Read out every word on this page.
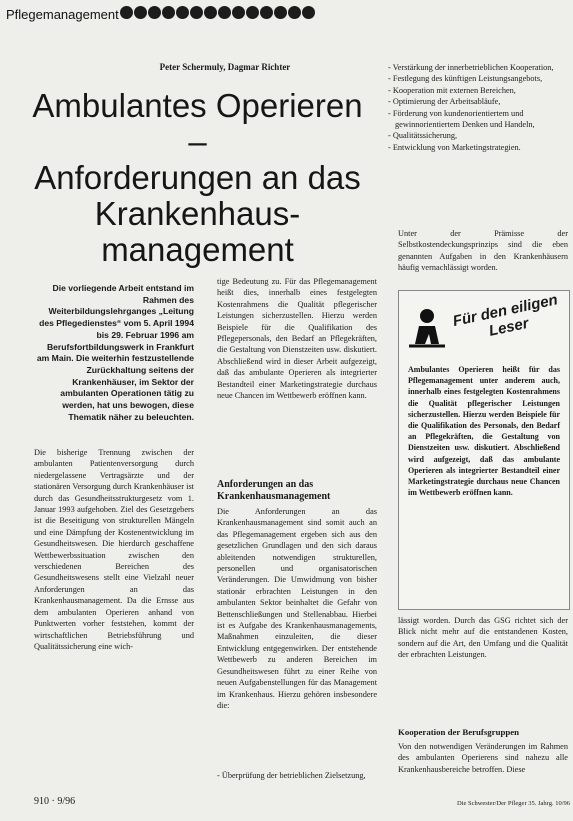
Pflegemanagement
Peter Schermuly, Dagmar Richter
Ambulantes Operieren –
Anforderungen an das
Krankenhaus-
management

Die vorliegende Arbeit entstand im Rahmen des Weiterbildungslehrganges „Leitung des Pflegedienstes“ vom 5. April 1994 bis 29. Februar 1996 am Berufsfortbildungswerk in Frankfurt am Main. Die weiterhin festzustellende Zurückhaltung seitens der Krankenhäuser, im Sektor der ambulanten Operationen tätig zu werden, hat uns bewogen, diese Thematik näher zu beleuchten.

Die bisherige Trennung zwischen der ambulanten Patientenversorgung durch niedergelassene Vertragsärzte und der stationären Versorgung durch Krankenhäuser ist durch das Gesundheitsstrukturgesetz vom 1. Januar 1993 aufgehoben. Ziel des Gesetzgebers ist die Beseitigung von strukturellen Mängeln und eine Dämpfung der Kostenentwicklung im Gesundheitswesen. Die hierdurch geschaffene Wettbewerbssituation zwischen den verschiedenen Bereichen des Gesundheitswesens stellt eine Vielzahl neuer Anforderungen an das Krankenhausmanagement. Da die Ernsse aus dem ambulanten Operieren anhand von Punktwerten vorher feststehen, kommt der wirtschaftlichen Betriebsführung und Qualitätssicherung eine wich-

tige Bedeutung zu. Für das Pflegemanagement heißt dies, innerhalb eines festgelegten Kostenrahmens die Qualität pflegerischer Leistungen sicherzustellen. Hierzu werden Beispiele für die Qualifikation des Pflegepersonals, den Bedarf an Pflegekräften, die Gestaltung von Dienstzeiten usw. diskutiert. Abschließend wird in dieser Arbeit aufgezeigt, daß das ambulante Operieren als integrierter Bestandteil einer Marketingstrategie durchaus neue Chancen im Wettbewerb eröffnen kann.

Anforderungen an das Krankenhausmanagement

Die Anforderungen an das Krankenhausmanagement sind somit auch an das Pflegemanagement ergeben sich aus den gesetzlichen Grundlagen und den sich daraus ableitenden notwendigen strukturellen, personellen und organisatorischen Veränderungen. Die Umwidmung von bisher stationär erbrachten Leistungen in den ambulanten Sektor beinhaltet die Gefahr von Bettenschließungen und Stellenabbau. Hierbei ist es Aufgabe des Krankenhausmanagements, Maßnahmen einzuleiten, die dieser Entwicklung entgegenwirken. Der entstehende Wettbewerb zu anderen Bereichen im Gesundheitswesen führt zu einer Reihe von neuen Aufgabenstellungen für das Management im Krankenhaus. Hierzu gehören insbesondere die:

- Überprüfung der betrieblichen Zielsetzung,
- Verstärkung der innerbetrieblichen Kooperation,
- Festlegung des künftigen Leistungsangebots,
- Kooperation mit externen Bereichen,
- Optimierung der Arbeitsabläufe,
- Förderung von kundenorientiertem und gewinnorientiertem Denken und Handeln,
- Qualitätssicherung,
- Entwicklung von Marketingstrategien.

Unter der Prämisse der Selbstkostendeckungsprinzips sind die eben genannten Aufgaben in den Krankenhäusern häufig vernachlässigt worden.

Für den eiligen Leser

Ambulantes Operieren heißt für das Pflegemanagement unter anderem auch, innerhalb eines festgelegten Kostenrahmens die Qualität pflegerischer Leistungen sicherzustellen. Hierzu werden Beispiele für die Qualifikation des Personals, den Bedarf an Pflegekräften, die Gestaltung von Dienstzeiten usw. diskutiert. Abschließend wird aufgezeigt, daß das ambulante Operieren als integrierter Bestandteil einer Marketingstrategie durchaus neue Chancen im Wettbewerb eröffnen kann.

lässigt worden. Durch das GSG richtet sich der Blick nicht mehr auf die entstandenen Kosten, sondern auf die Art, den Umfang und die Qualität der erbrachten Leistungen.

Kooperation der Berufsgruppen

Von den notwendigen Veränderungen im Rahmen des ambulanten Operierens sind nahezu alle Krankenhausbereiche betroffen. Diese

910 · 9/96	Die Schwester/Der Pfleger 35. Jahrg. 10/96
